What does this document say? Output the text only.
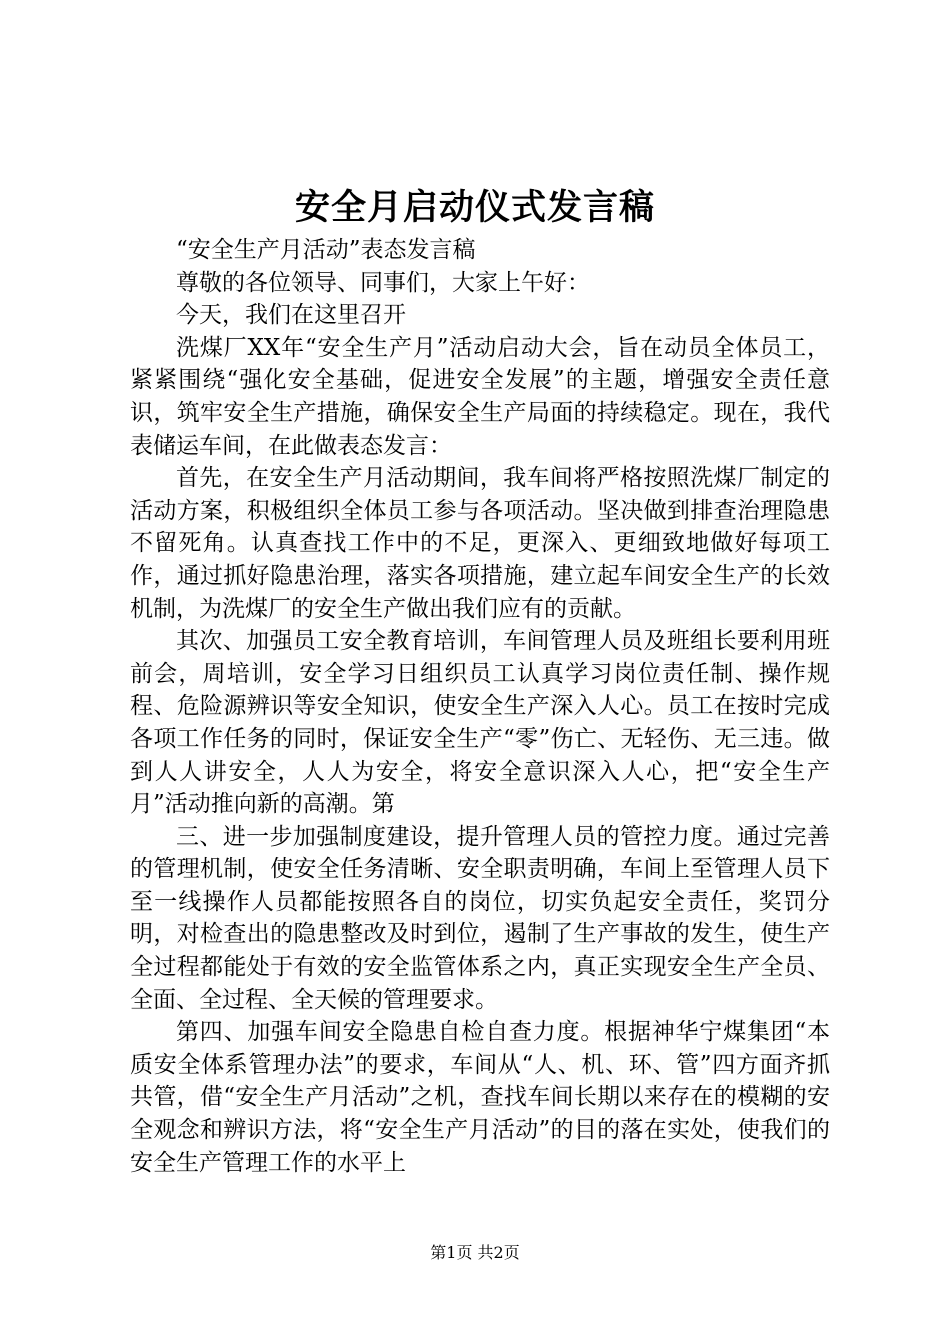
安全月启动仪式发言稿

“安全生产月活动”表态发言稿

尊敬的各位领导、同事们，大家上午好：

今天，我们在这里召开

洗煤厂XX年“安全生产月”活动启动大会，旨在动员全体员工，紧紧围绕“强化安全基础，促进安全发展”的主题，增强安全责任意识，筑牢安全生产措施，确保安全生产局面的持续稳定。现在，我代表储运车间，在此做表态发言：

首先，在安全生产月活动期间，我车间将严格按照洗煤厂制定的活动方案，积极组织全体员工参与各项活动。坚决做到排查治理隐患不留死角。认真查找工作中的不足，更深入、更细致地做好每项工作，通过抓好隐患治理，落实各项措施，建立起车间安全生产的长效机制，为洗煤厂的安全生产做出我们应有的贡献。

其次、加强员工安全教育培训，车间管理人员及班组长要利用班前会，周培训，安全学习日组织员工认真学习岗位责任制、操作规程、危险源辨识等安全知识，使安全生产深入人心。员工在按时完成各项工作任务的同时，保证安全生产“零”伤亡、无轻伤、无三违。做到人人讲安全，人人为安全，将安全意识深入人心，把“安全生产月”活动推向新的高潮。第

三、进一步加强制度建设，提升管理人员的管控力度。通过完善的管理机制，使安全任务清晰、安全职责明确，车间上至管理人员下至一线操作人员都能按照各自的岗位，切实负起安全责任，奖罚分明，对检查出的隐患整改及时到位，遏制了生产事故的发生，使生产全过程都能处于有效的安全监管体系之内，真正实现安全生产全员、全面、全过程、全天候的管理要求。

第四、加强车间安全隐患自检自查力度。根据神华宁煤集团“本质安全体系管理办法”的要求，车间从“人、机、环、管”四方面齐抓共管，借“安全生产月活动”之机，查找车间长期以来存在的模糊的安全观念和辨识方法，将“安全生产月活动”的目的落在实处，使我们的安全生产管理工作的水平上

第1页 共2页
